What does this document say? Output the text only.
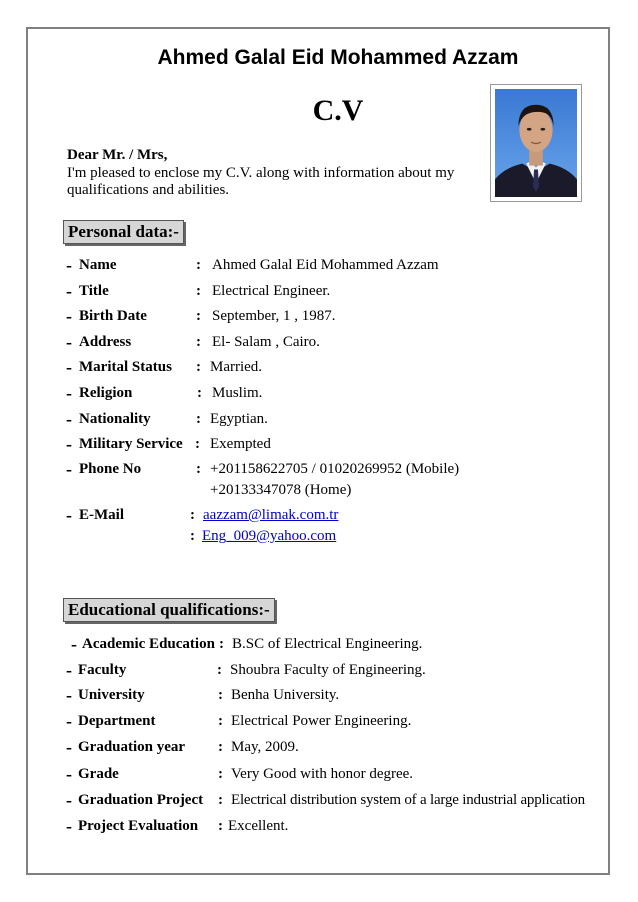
Ahmed Galal Eid Mohammed Azzam
C.V
Dear Mr. / Mrs,
I'm pleased to enclose my C.V. along with information about my
qualifications and abilities.
Personal data:-
- Name	: Ahmed Galal Eid Mohammed Azzam
- Title	: Electrical Engineer.
- Birth Date	: September, 1 , 1987.
- Address	: El- Salam , Cairo.
- Marital Status : Married.
- Religion	: Muslim.
- Nationality	: Egyptian.
- Military Service : Exempted
- Phone No	: +201158622705 / 01020269952 (Mobile)
+20133347078 (Home)
- E-Mail	: aazzam@limak.com.tr
: Eng_009@yahoo.com
Educational qualifications:-
- Academic Education : B.SC of Electrical Engineering.
- Faculty	: Shoubra Faculty of Engineering.
- University	: Benha University.
- Department	: Electrical Power Engineering.
- Graduation year : May, 2009.
- Grade	: Very Good with honor degree.
- Graduation Project : Electrical distribution system of a large industrial application
- Project Evaluation : Excellent.
